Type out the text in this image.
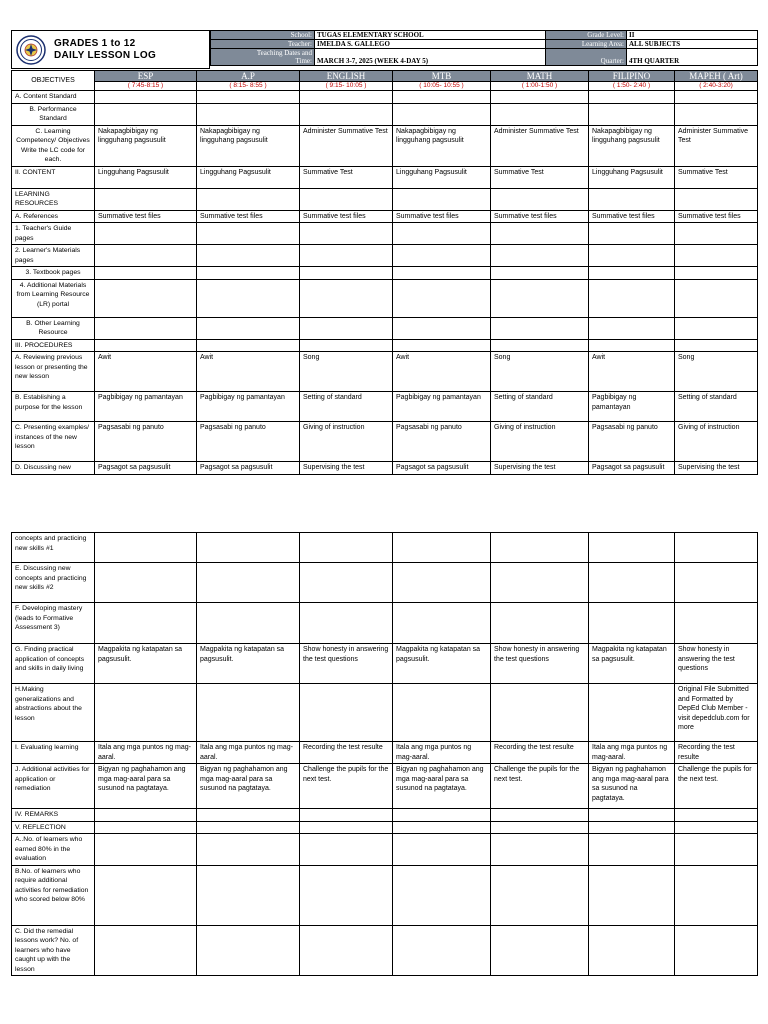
GRADES 1 to 12
DAILY LESSON LOG
School:	TUGAS ELEMENTARY SCHOOL	Grade Level:	II
Teacher:	IMELDA S. GALLEGO	Learning Area:	ALL SUBJECTS

Teaching Dates and
Time:	MARCH 3-7, 2025 (WEEK 4-DAY 5)	Quarter:	4TH QUARTER
OBJECTIVES	ESP	A.P	ENGLISH	MTB	MATH	FILIPINO	MAPEH ( Art)
	( 7:45-8:15 )	( 8:15- 8:55 )	( 9:15- 10:05 )	( 10:05- 10:55 )	( 1:00-1:50 )	( 1:50- 2:40 )	( 2:40-3:20)
A. Content Standard							
B. Performance Standard							
C. Learning Competency/ Objectives Write the LC code for each.	Nakapagbibigay ng lingguhang pagsusulit	Nakapagbibigay ng lingguhang pagsusulit	Administer Summative Test	Nakapagbibigay ng lingguhang pagsusulit	Administer Summative Test	Nakapagbibigay ng lingguhang pagsusulit	Administer Summative Test
II. CONTENT	Lingguhang Pagsusulit	Lingguhang Pagsusulit	Summative Test	Lingguhang Pagsusulit	Summative Test	Lingguhang Pagsusulit	Summative Test
LEARNING RESOURCES							
A. References	Summative test files	Summative test files	Summative test files	Summative test files	Summative test files	Summative test files	Summative test files
1. Teacher's Guide pages							
2. Learner's Materials pages							
3. Textbook pages							
4. Additional Materials from Learning Resource (LR) portal							
B. Other Learning Resource							
III. PROCEDURES							
A. Reviewing previous lesson or presenting the new lesson	Awit	Awit	Song	Awit	Song	Awit	Song
B. Establishing a purpose for the lesson	Pagbibigay ng pamantayan	Pagbibigay ng pamantayan	Setting of standard	Pagbibigay ng pamantayan	Setting of standard	Pagbibigay ng pamantayan	Setting of standard
C. Presenting examples/ instances of the new lesson	Pagsasabi ng panuto	Pagsasabi ng panuto	Giving of instruction	Pagsasabi ng panuto	Giving of instruction	Pagsasabi ng panuto	Giving of instruction
D. Discussing new	Pagsagot sa pagsusulit	Pagsagot sa pagsusulit	Supervising the test	Pagsagot sa pagsusulit	Supervising the test	Pagsagot sa pagsusulit	Supervising the test
concepts and practicing new skills #1							
E. Discussing new concepts and practicing new skills #2							
F. Developing mastery (leads to Formative Assessment 3)							
G. Finding practical application of concepts and skills in daily living	Magpakita ng katapatan sa pagsusulit.	Magpakita ng katapatan sa pagsusulit.	Show honesty in answering the test questions	Magpakita ng katapatan sa pagsusulit.	Show honesty in answering the test questions	Magpakita ng katapatan sa pagsusulit.	Show honesty in answering the test questions
H.Making generalizations and abstractions about the lesson							Original File Submitted and Formatted by DepEd Club Member - visit depedclub.com for more
I. Evaluating learning	Itala ang mga puntos ng mag-aaral.	Itala ang mga puntos ng mag-aaral.	Recording the test resulte	Itala ang mga puntos ng mag-aaral.	Recording the test resulte	Itala ang mga puntos ng mag-aaral.	Recording the test resulte
J. Additional activities for application or remediation	Bigyan ng paghahamon ang mga mag-aaral para sa susunod na pagtataya.	Bigyan ng paghahamon ang mga mag-aaral para sa susunod na pagtataya.	Challenge the pupils for the next test.	Bigyan ng paghahamon ang mga mag-aaral para sa susunod na pagtataya.	Challenge the pupils for the next test.	Bigyan ng paghahamon ang mga mag-aaral para sa susunod na pagtataya.	Challenge the pupils for the next test.
IV. REMARKS							
V. REFLECTION							
A..No. of learners who earned 80% in the evaluation							
B.No. of learners who require additional activities for remediation who scored below 80%							
C. Did the remedial lessons work? No. of learners who have caught up with the lesson							
